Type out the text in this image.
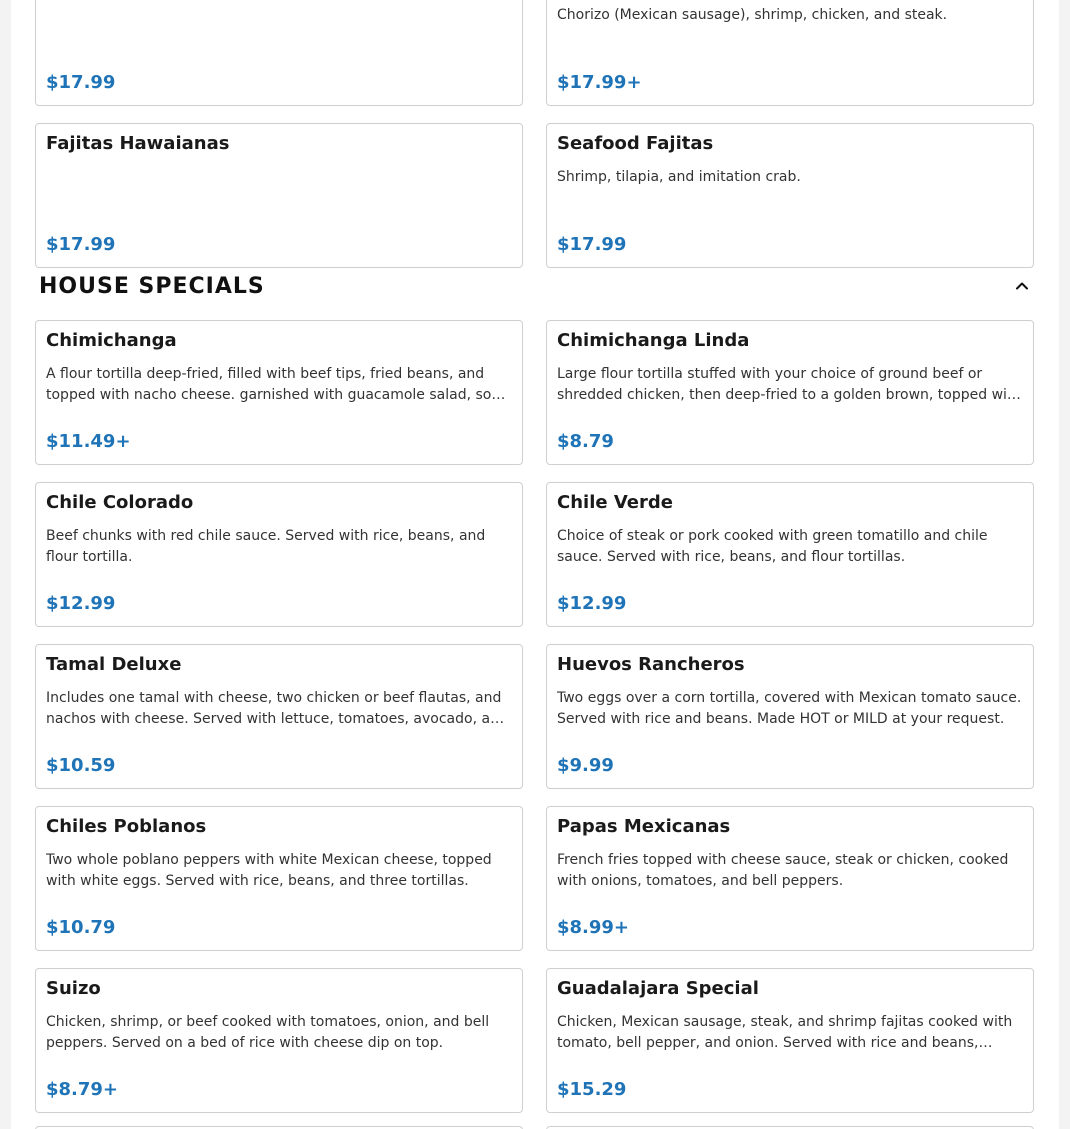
$17.99
Chorizo (Mexican sausage), shrimp, chicken, and steak.
$17.99+
Fajitas Hawaianas
$17.99
Seafood Fajitas
Shrimp, tilapia, and imitation crab.
$17.99
HOUSE SPECIALS
Chimichanga
A flour tortilla deep-fried, filled with beef tips, fried beans, and topped with nacho cheese. garnished with guacamole salad, so…
$11.49+
Chimichanga Linda
Large flour tortilla stuffed with your choice of ground beef or shredded chicken, then deep-fried to a golden brown, topped wi…
$8.79
Chile Colorado
Beef chunks with red chile sauce. Served with rice, beans, and flour tortilla.
$12.99
Chile Verde
Choice of steak or pork cooked with green tomatillo and chile sauce. Served with rice, beans, and flour tortillas.
$12.99
Tamal Deluxe
Includes one tamal with cheese, two chicken or beef flautas, and nachos with cheese. Served with lettuce, tomatoes, avocado, a…
$10.59
Huevos Rancheros
Two eggs over a corn tortilla, covered with Mexican tomato sauce. Served with rice and beans. Made HOT or MILD at your request.
$9.99
Chiles Poblanos
Two whole poblano peppers with white Mexican cheese, topped with white eggs. Served with rice, beans, and three tortillas.
$10.79
Papas Mexicanas
French fries topped with cheese sauce, steak or chicken, cooked with onions, tomatoes, and bell peppers.
$8.99+
Suizo
Chicken, shrimp, or beef cooked with tomatoes, onion, and bell peppers. Served on a bed of rice with cheese dip on top.
$8.79+
Guadalajara Special
Chicken, Mexican sausage, steak, and shrimp fajitas cooked with tomato, bell pepper, and onion. Served with rice and beans,…
$15.29
